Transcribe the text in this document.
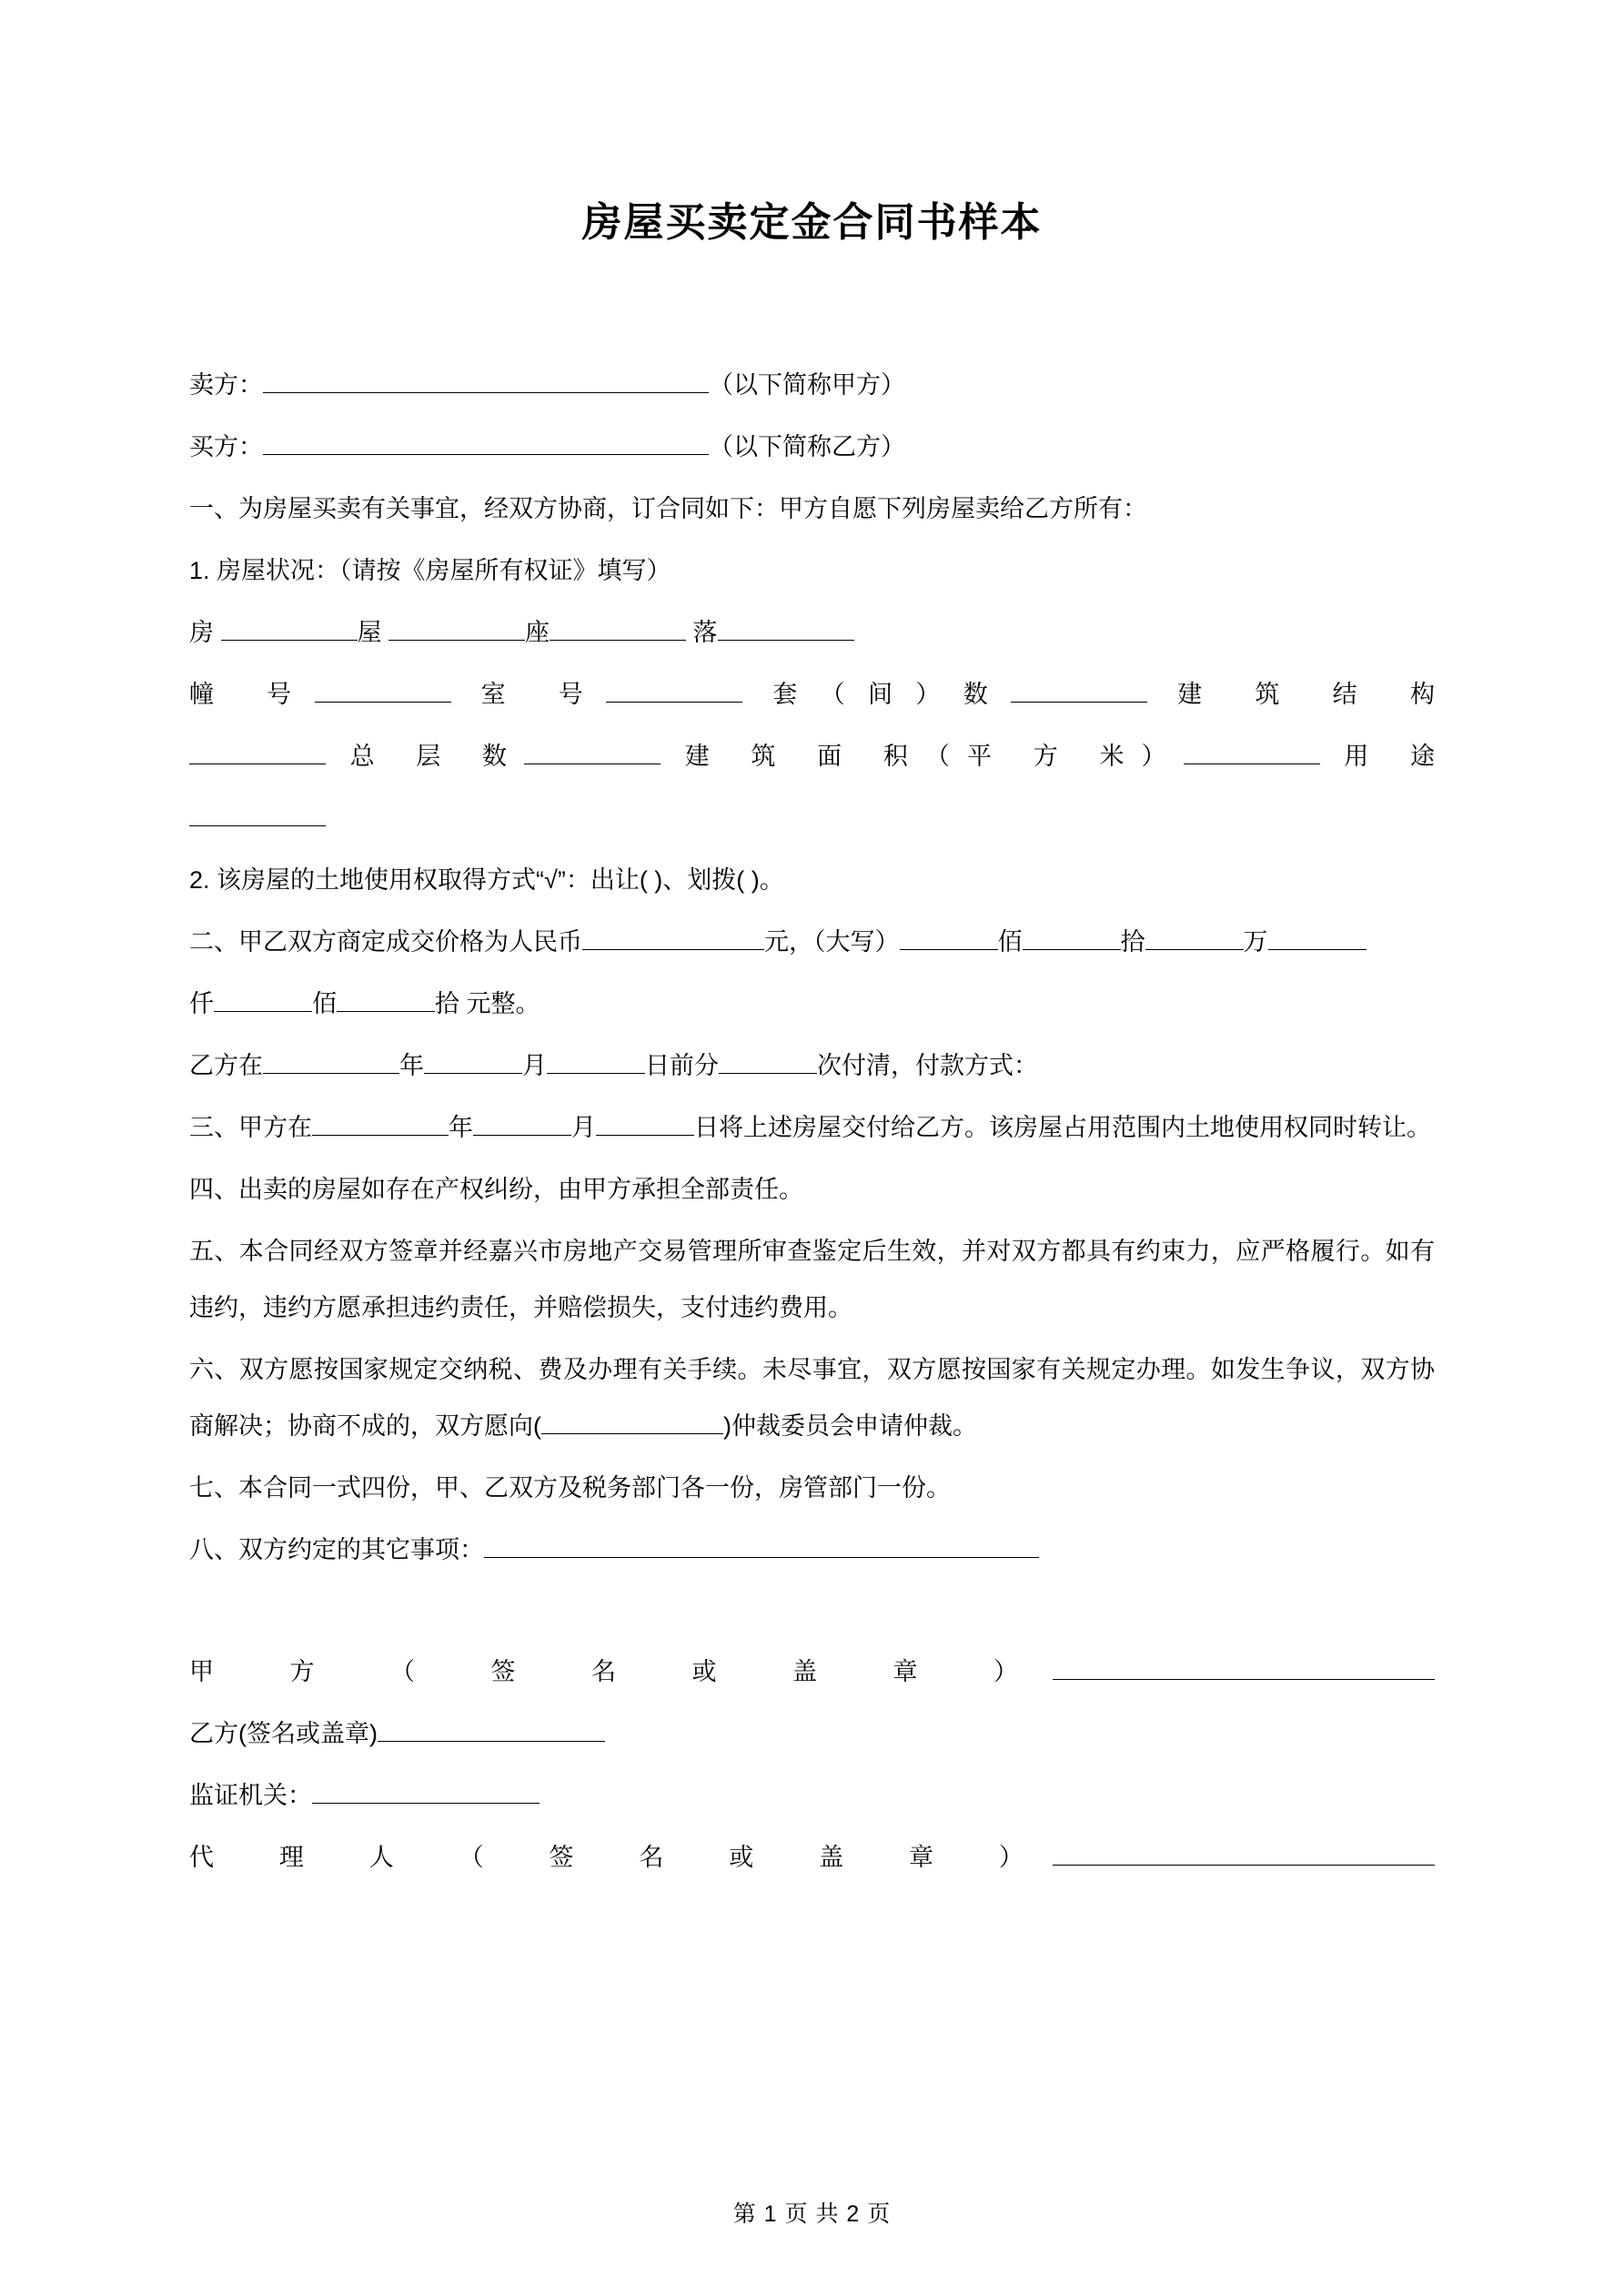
房屋买卖定金合同书样本

卖方：	（以下简称甲方）

买方：	（以下简称乙方）

一、为房屋买卖有关事宜，经双方协商，订合同如下：甲方自愿下列房屋卖给乙方所有：

1. 房屋状况：（请按《房屋所有权证》填写）

房	屋	座	落

幢 号	室 号	套（间）数	建 筑 结 构

总 层 数	建 筑 面 积（平 方 米）	用 途

2. 该房屋的土地使用权取得方式“√”：出让( )、划拨( )。

二、甲乙双方商定成交价格为人民币	元，（大写）	佰	拾	万

仟	佰	拾 元整。

乙方在	年	月	日前分	次付清，付款方式：

三、甲方在	年	月	日将上述房屋交付给乙方。该房屋占用范围内土地使用权同时转让。

四、出卖的房屋如存在产权纠纷，由甲方承担全部责任。

五、本合同经双方签章并经嘉兴市房地产交易管理所审查鉴定后生效，并对双方都具有约束力，应严格履行。如有违约，违约方愿承担违约责任，并赔偿损失，支付违约费用。

六、双方愿按国家规定交纳税、费及办理有关手续。未尽事宜，双方愿按国家有关规定办理。如发生争议，双方协商解决；协商不成的，双方愿向(	)仲裁委员会申请仲裁。

七、本合同一式四份，甲、乙双方及税务部门各一份，房管部门一份。

八、双方约定的其它事项：

甲 方 （ 签 名 或 盖 章 ）

乙方(签名或盖章)

监证机关：

代 理 人 （ 签 名 或 盖 章 ）

第 1 页 共 2 页
